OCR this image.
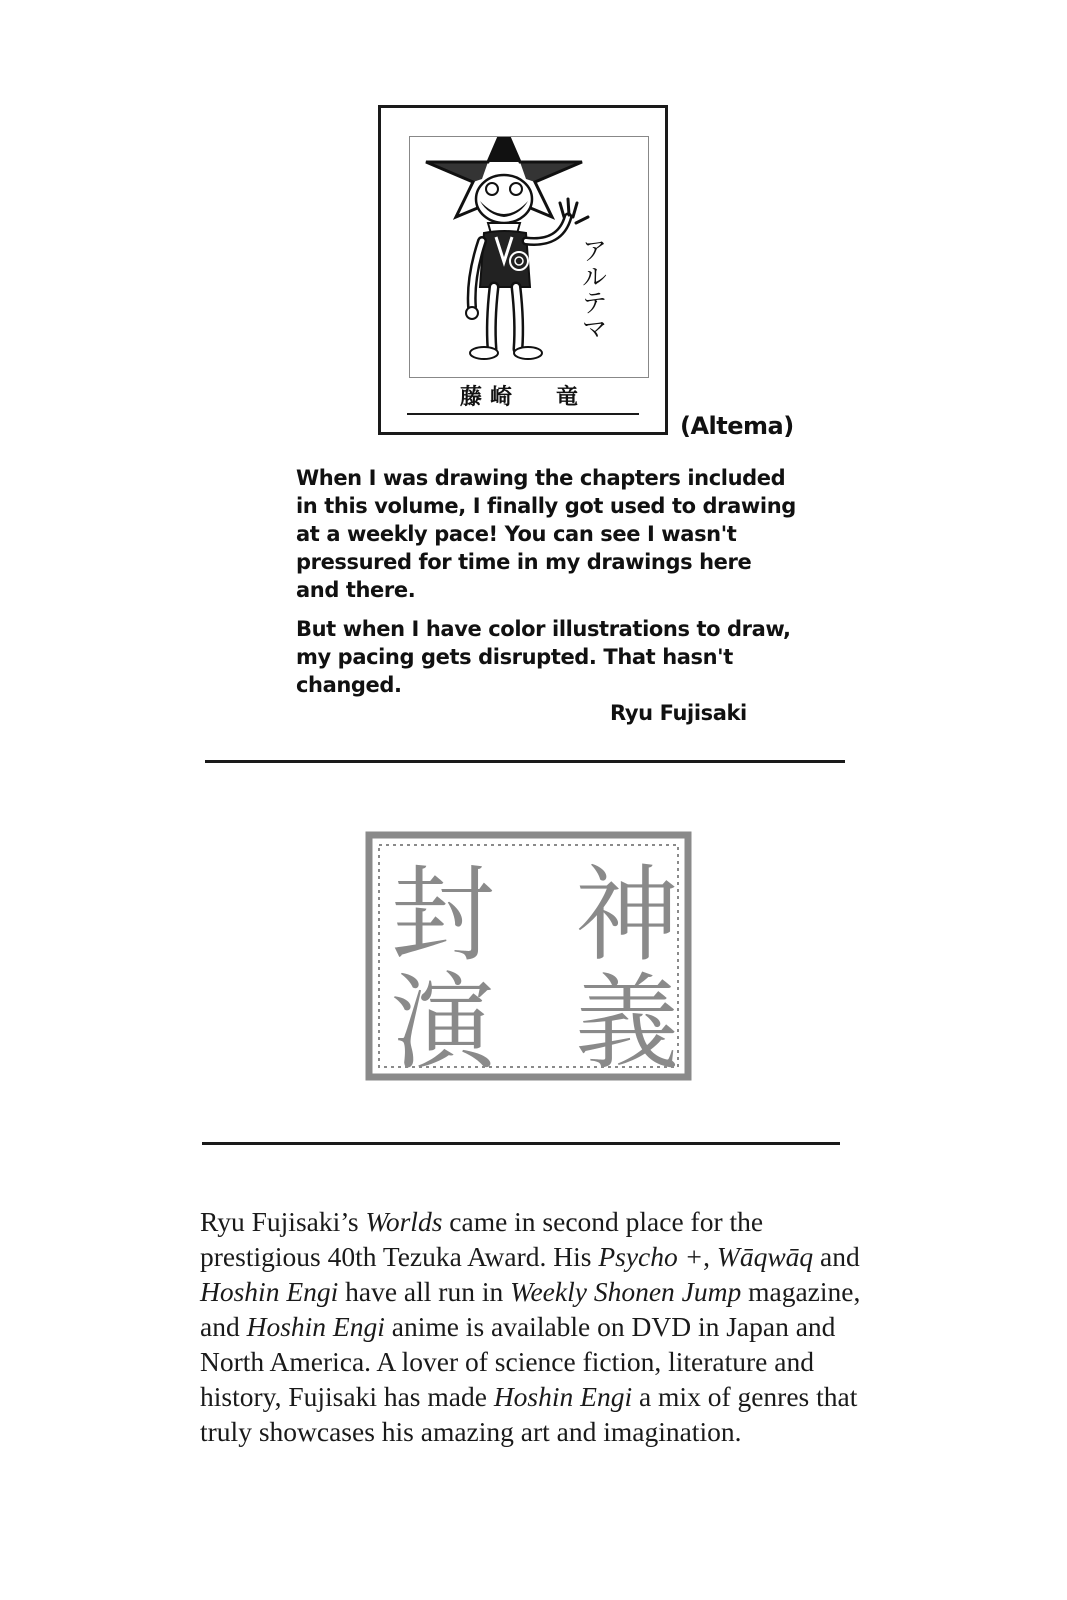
アルテマ
藤崎 竜
(Altema)

When I was drawing the chapters included in this volume, I finally got used to drawing at a weekly pace! You can see I wasn't pressured for time in my drawings here and there.

But when I have color illustrations to draw, my pacing gets disrupted. That hasn't changed.

Ryu Fujisaki
神
封
義
演
Ryu Fujisaki’s Worlds came in second place for the prestigious 40th Tezuka Award. His Psycho +, Wāqwāq and Hoshin Engi have all run in Weekly Shonen Jump magazine, and Hoshin Engi anime is available on DVD in Japan and North America. A lover of science fiction, literature and history, Fujisaki has made Hoshin Engi a mix of genres that truly showcases his amazing art and imagination.
